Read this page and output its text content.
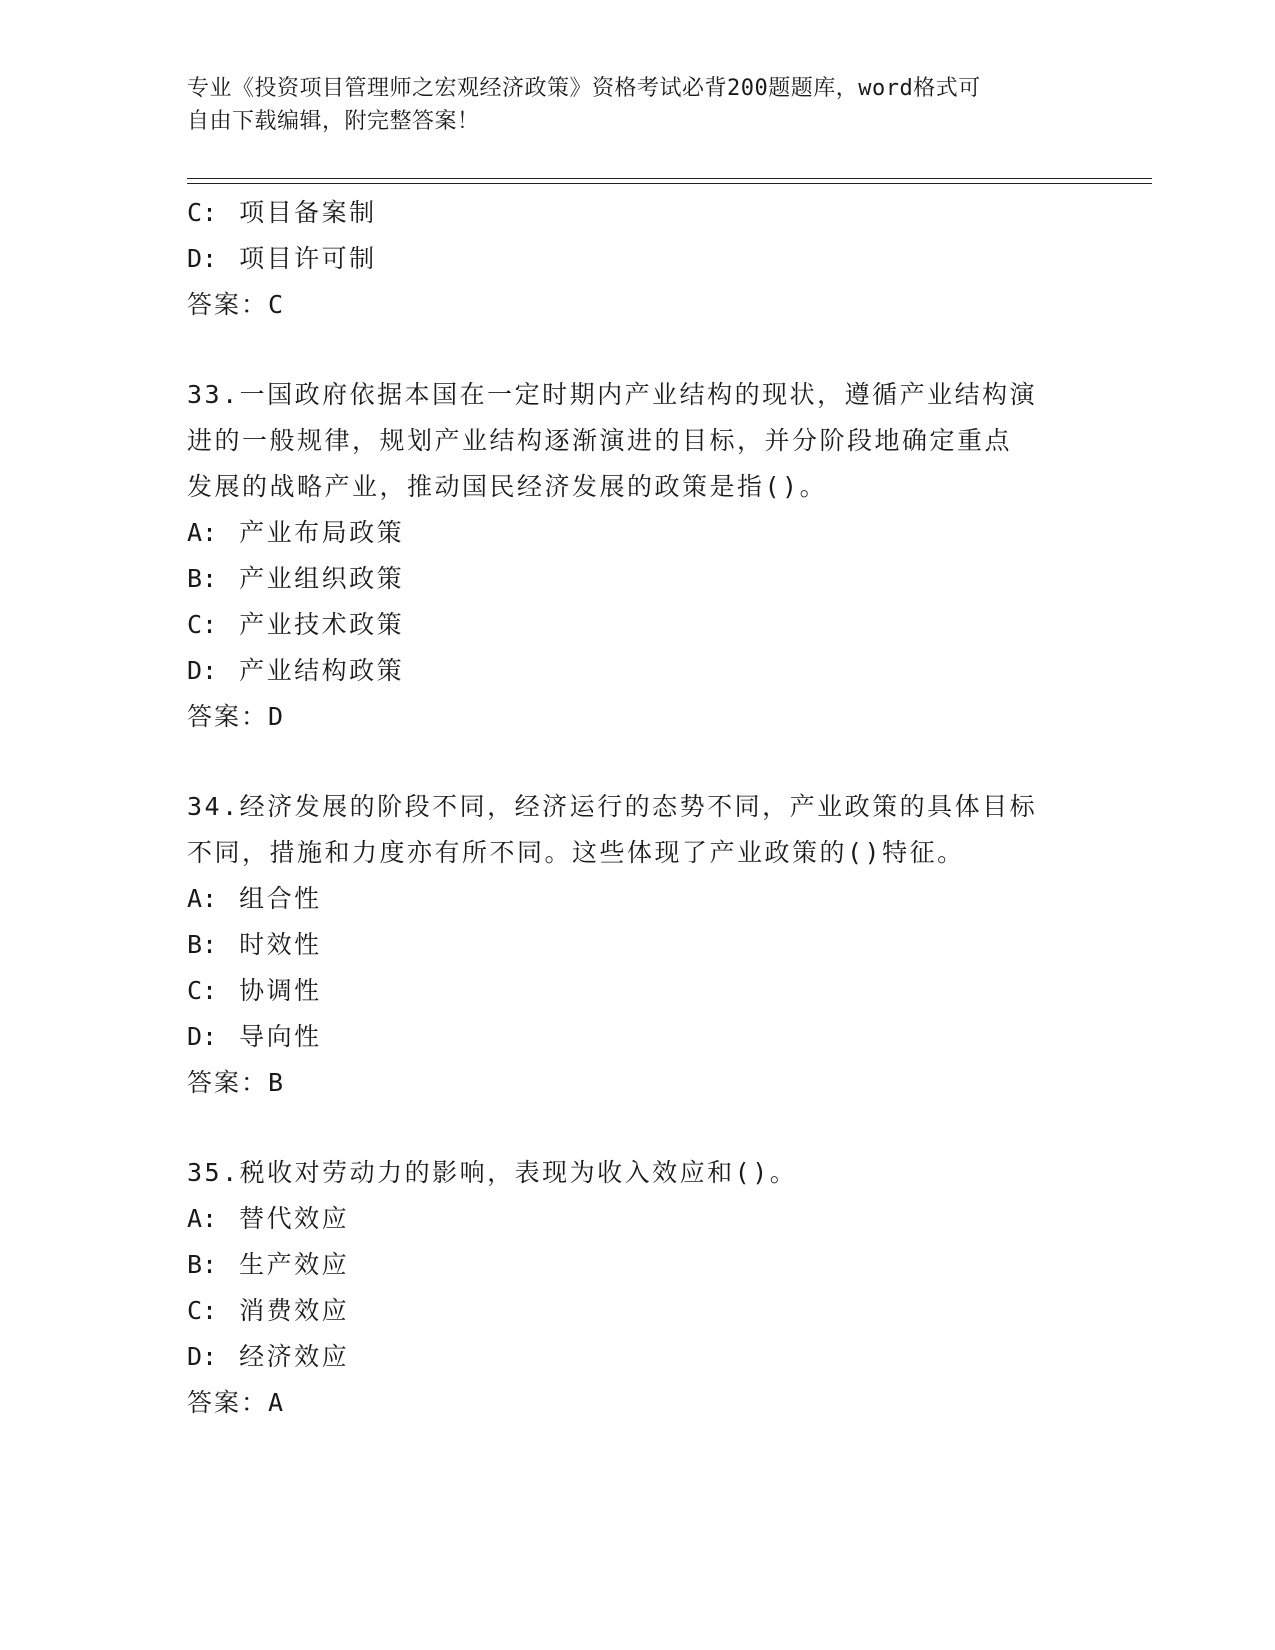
专业《投资项目管理师之宏观经济政策》资格考试必背200题题库，word格式可
自由下载编辑，附完整答案！
C: 项目备案制
D: 项目许可制
答案：C
33.一国政府依据本国在一定时期内产业结构的现状，遵循产业结构演
进的一般规律，规划产业结构逐渐演进的目标，并分阶段地确定重点
发展的战略产业，推动国民经济发展的政策是指()。
A: 产业布局政策
B: 产业组织政策
C: 产业技术政策
D: 产业结构政策
答案：D
34.经济发展的阶段不同，经济运行的态势不同，产业政策的具体目标
不同，措施和力度亦有所不同。这些体现了产业政策的()特征。
A: 组合性
B: 时效性
C: 协调性
D: 导向性
答案：B
35.税收对劳动力的影响，表现为收入效应和()。
A: 替代效应
B: 生产效应
C: 消费效应
D: 经济效应
答案：A
